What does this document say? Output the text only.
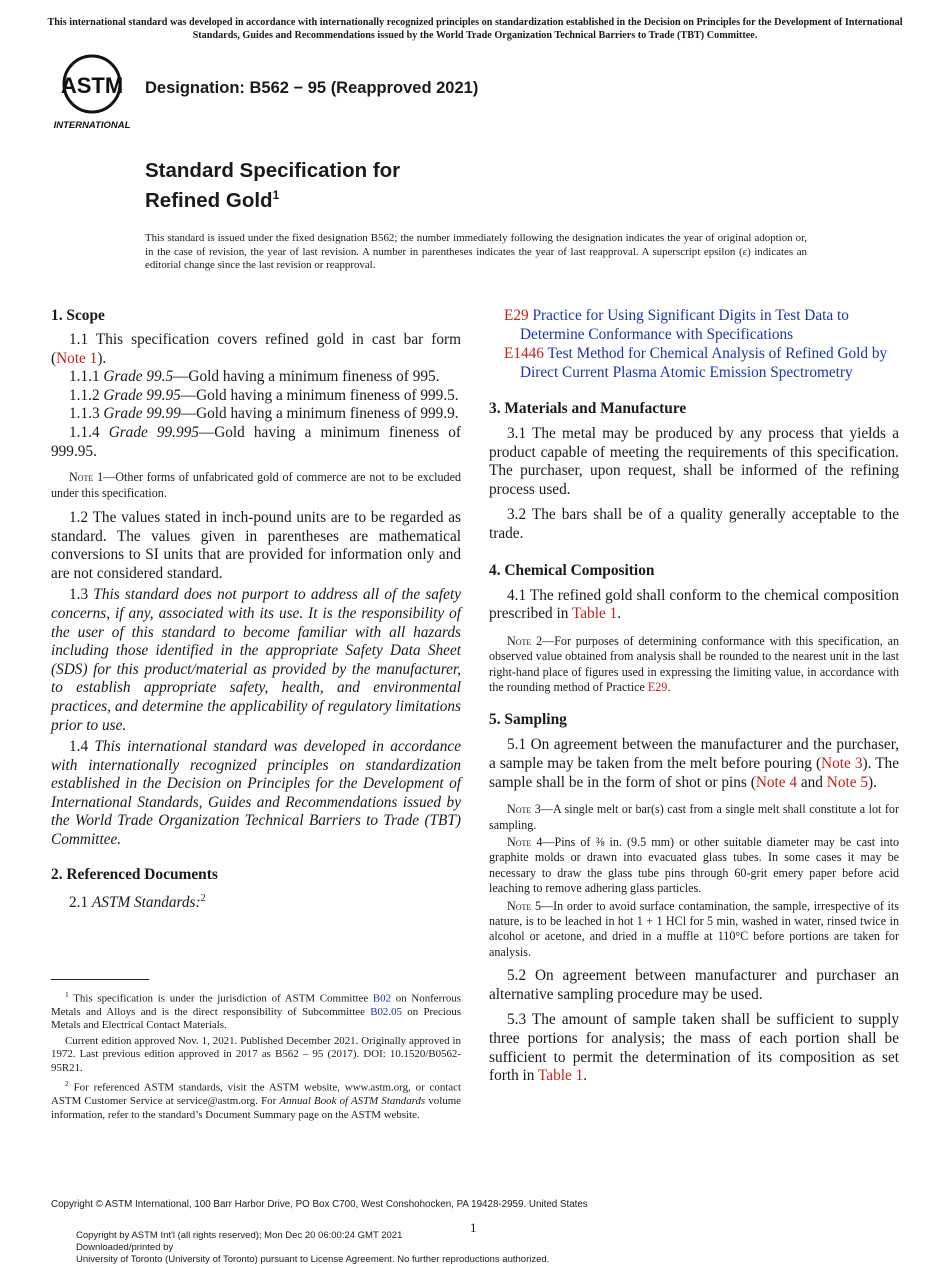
This international standard was developed in accordance with internationally recognized principles on standardization established in the Decision on Principles for the Development of International Standards, Guides and Recommendations issued by the World Trade Organization Technical Barriers to Trade (TBT) Committee.
ASTM
INTERNATIONAL
Designation: B562 − 95 (Reapproved 2021)
Standard Specification for
Refined Gold$^1$
This standard is issued under the fixed designation B562; the number immediately following the designation indicates the year of original adoption or, in the case of revision, the year of last revision. A number in parentheses indicates the year of last reapproval. A superscript epsilon (ε) indicates an editorial change since the last revision or reapproval.
1. Scope

1.1 This specification covers refined gold in cast bar form (Note 1).

1.1.1 Grade 99.5—Gold having a minimum fineness of 995.

1.1.2 Grade 99.95—Gold having a minimum fineness of 999.5.

1.1.3 Grade 99.99—Gold having a minimum fineness of 999.9.

1.1.4 Grade 99.995—Gold having a minimum fineness of 999.95.

Note 1—Other forms of unfabricated gold of commerce are not to be excluded under this specification.

1.2 The values stated in inch-pound units are to be regarded as standard. The values given in parentheses are mathematical conversions to SI units that are provided for information only and are not considered standard.

1.3 This standard does not purport to address all of the safety concerns, if any, associated with its use. It is the responsibility of the user of this standard to become familiar with all hazards including those identified in the appropriate Safety Data Sheet (SDS) for this product/material as provided by the manufacturer, to establish appropriate safety, health, and environmental practices, and determine the applicability of regulatory limitations prior to use.

1.4 This international standard was developed in accordance with internationally recognized principles on standardization established in the Decision on Principles for the Development of International Standards, Guides and Recommendations issued by the World Trade Organization Technical Barriers to Trade (TBT) Committee.

2. Referenced Documents

2.1 ASTM Standards:$^2$

$^1$ This specification is under the jurisdiction of ASTM Committee B02 on Nonferrous Metals and Alloys and is the direct responsibility of Subcommittee B02.05 on Precious Metals and Electrical Contact Materials.
Current edition approved Nov. 1, 2021. Published December 2021. Originally approved in 1972. Last previous edition approved in 2017 as B562 – 95 (2017). DOI: 10.1520/B0562-95R21.
$^2$ For referenced ASTM standards, visit the ASTM website, www.astm.org, or contact ASTM Customer Service at service@astm.org. For Annual Book of ASTM Standards volume information, refer to the standard’s Document Summary page on the ASTM website.

E29 Practice for Using Significant Digits in Test Data to Determine Conformance with Specifications

E1446 Test Method for Chemical Analysis of Refined Gold by Direct Current Plasma Atomic Emission Spectrometry

3. Materials and Manufacture

3.1 The metal may be produced by any process that yields a product capable of meeting the requirements of this specification. The purchaser, upon request, shall be informed of the refining process used.

3.2 The bars shall be of a quality generally acceptable to the trade.

4. Chemical Composition

4.1 The refined gold shall conform to the chemical composition prescribed in Table 1.

Note 2—For purposes of determining conformance with this specification, an observed value obtained from analysis shall be rounded to the nearest unit in the last right-hand place of figures used in expressing the limiting value, in accordance with the rounding method of Practice E29.

5. Sampling

5.1 On agreement between the manufacturer and the purchaser, a sample may be taken from the melt before pouring (Note 3). The sample shall be in the form of shot or pins (Note 4 and Note 5).

Note 3—A single melt or bar(s) cast from a single melt shall constitute a lot for sampling.

Note 4—Pins of ⅜ in. (9.5 mm) or other suitable diameter may be cast into graphite molds or drawn into evacuated glass tubes. In some cases it may be necessary to draw the glass tube pins through 60-grit emery paper before acid leaching to remove adhering glass particles.

Note 5—In order to avoid surface contamination, the sample, irrespective of its nature, is to be leached in hot 1 + 1 HCl for 5 min, washed in water, rinsed twice in alcohol or acetone, and dried in a muffle at 110°C before portions are taken for analysis.

5.2 On agreement between manufacturer and purchaser an alternative sampling procedure may be used.

5.3 The amount of sample taken shall be sufficient to supply three portions for analysis; the mass of each portion shall be sufficient to permit the determination of its composition as set forth in Table 1.

Copyright © ASTM International, 100 Barr Harbor Drive, PO Box C700, West Conshohocken, PA 19428-2959. United States
1
Copyright by ASTM Int'l (all rights reserved); Mon Dec 20 06:00:24 GMT 2021
Downloaded/printed by
University of Toronto (University of Toronto) pursuant to License Agreement. No further reproductions authorized.
